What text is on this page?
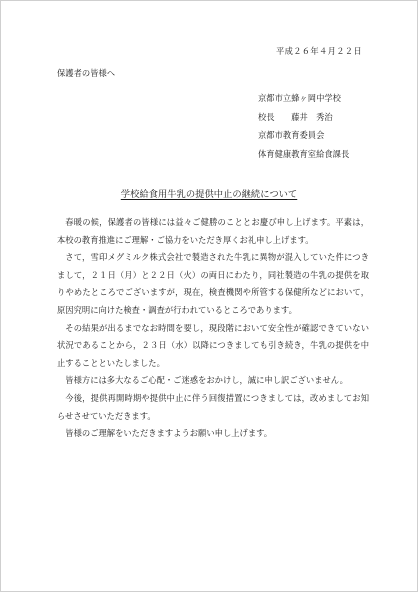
平成２６年４月２２日
保護者の皆様へ
京都市立蜂ヶ岡中学校
校長　　藤井　秀治
京都市教育委員会
体育健康教育室給食課長
学校給食用牛乳の提供中止の継続について

春暖の候，保護者の皆様には益々ご健勝のこととお慶び申し上げます。平素は，本校の教育推進にご理解・ご協力をいただき厚くお礼申し上げます。

さて，雪印メグミルク株式会社で製造された牛乳に異物が混入していた件につきまして，２１日（月）と２２日（火）の両日にわたり，同社製造の牛乳の提供を取りやめたところでございますが，現在，検査機関や所管する保健所などにおいて，原因究明に向けた検査・調査が行われているところであります。

その結果が出るまでなお時間を要し，現段階において安全性が確認できていない状況であることから，２３日（水）以降につきましても引き続き，牛乳の提供を中止することといたしました。

皆様方には多大なるご心配・ご迷惑をおかけし，誠に申し訳ございません。

今後，提供再開時期や提供中止に伴う回復措置につきましては，改めましてお知らせさせていただきます。

皆様のご理解をいただきますようお願い申し上げます。
